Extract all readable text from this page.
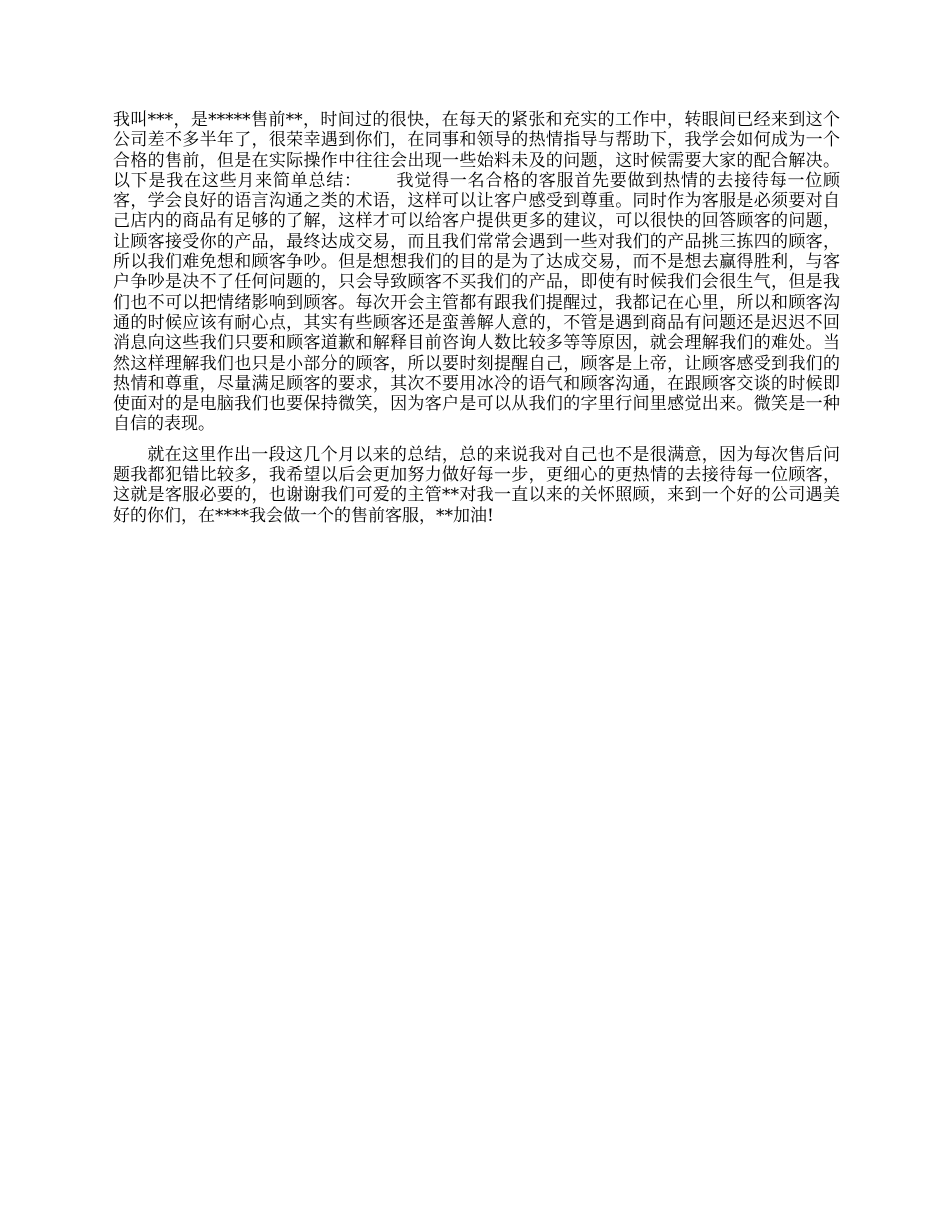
我叫***，是*****售前**，时间过的很快，在每天的紧张和充实的工作中，转眼间已经来到这个公司差不多半年了，很荣幸遇到你们，在同事和领导的热情指导与帮助下，我学会如何成为一个合格的售前，但是在实际操作中往往会出现一些始料未及的问题，这时候需要大家的配合解决。以下是我在这些月来简单总结： 我觉得一名合格的客服首先要做到热情的去接待每一位顾客，学会良好的语言沟通之类的术语，这样可以让客户感受到尊重。同时作为客服是必须要对自己店内的商品有足够的了解，这样才可以给客户提供更多的建议，可以很快的回答顾客的问题，让顾客接受你的产品，最终达成交易，而且我们常常会遇到一些对我们的产品挑三拣四的顾客，所以我们难免想和顾客争吵。但是想想我们的目的是为了达成交易，而不是想去赢得胜利，与客户争吵是决不了任何问题的，只会导致顾客不买我们的产品，即使有时候我们会很生气，但是我们也不可以把情绪影响到顾客。每次开会主管都有跟我们提醒过，我都记在心里，所以和顾客沟通的时候应该有耐心点，其实有些顾客还是蛮善解人意的，不管是遇到商品有问题还是迟迟不回消息向这些我们只要和顾客道歉和解释目前咨询人数比较多等等原因，就会理解我们的难处。当然这样理解我们也只是小部分的顾客，所以要时刻提醒自己，顾客是上帝，让顾客感受到我们的热情和尊重，尽量满足顾客的要求，其次不要用冰冷的语气和顾客沟通，在跟顾客交谈的时候即使面对的是电脑我们也要保持微笑，因为客户是可以从我们的字里行间里感觉出来。微笑是一种自信的表现。

就在这里作出一段这几个月以来的总结，总的来说我对自己也不是很满意，因为每次售后问题我都犯错比较多，我希望以后会更加努力做好每一步，更细心的更热情的去接待每一位顾客，这就是客服必要的，也谢谢我们可爱的主管**对我一直以来的关怀照顾，来到一个好的公司遇美好的你们，在****我会做一个的售前客服，**加油!
